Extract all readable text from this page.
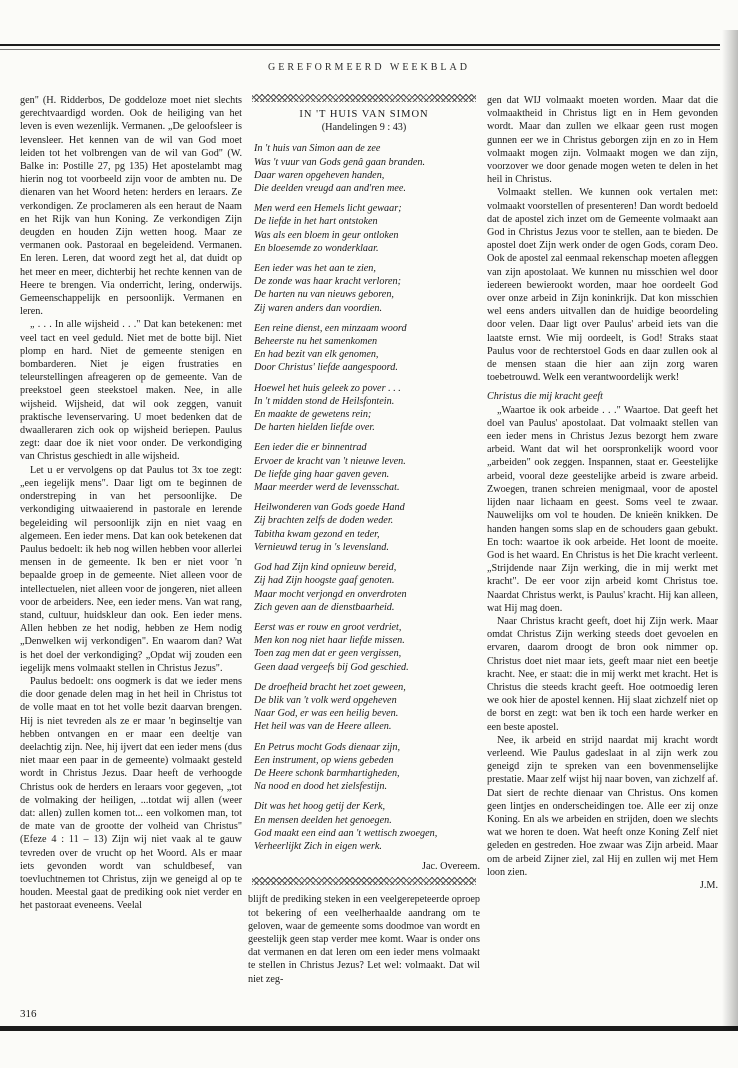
GEREFORMEERD WEEKBLAD

gen" (H. Ridderbos, De goddeloze moet niet slechts gerechtvaardigd worden. Ook de heiliging van het leven is even wezenlijk. Vermanen. „De geloofsleer is levensleer. Het kennen van de wil van God moet leiden tot het volbrengen van de wil van God" (W. Balke in: Postille 27, pg 135) Het apostelambt mag hierin nog tot voorbeeld zijn voor de ambten nu. De dienaren van het Woord heten: herders en leraars. Ze verkondigen. Ze proclameren als een heraut de Naam en het Rijk van hun Koning. Ze verkondigen Zijn deugden en houden Zijn wetten hoog. Maar ze vermanen ook. Pastoraal en begeleidend. Vermanen. En leren. Leren, dat woord zegt het al, dat duidt op het meer en meer, dichterbij het rechte kennen van de Heere te brengen. Via onderricht, lering, onderwijs. Gemeenschappelijk en persoonlijk. Vermanen en leren.

„ . . . In alle wijsheid . . ." Dat kan betekenen: met veel tact en veel geduld. Niet met de botte bijl. Niet plomp en hard. Niet de gemeente stenigen en bombarderen. Niet je eigen frustraties en teleurstellingen afreageren op de gemeente. Van de preekstoel geen steekstoel maken. Nee, in alle wijsheid. Wijsheid, dat wil ook zeggen, vanuit praktische levenservaring. U moet bedenken dat de dwaalleraren zich ook op wijsheid beriepen. Paulus zegt: daar doe ik niet voor onder. De verkondiging van Christus geschiedt in alle wijsheid.

Let u er vervolgens op dat Paulus tot 3x toe zegt: „een iegelijk mens". Daar ligt om te beginnen de onderstreping in van het persoonlijke. De verkondiging uitwaaierend in pastorale en lerende begeleiding wil persoonlijk zijn en niet vaag en algemeen. Een ieder mens. Dat kan ook betekenen dat Paulus bedoelt: ik heb nog willen hebben voor allerlei mensen in de gemeente. Ik ben er niet voor 'n bepaalde groep in de gemeente. Niet alleen voor de intellectuelen, niet alleen voor de jongeren, niet alleen voor de arbeiders. Nee, een ieder mens. Van wat rang, stand, cultuur, huidskleur dan ook. Een ieder mens. Allen hebben ze het nodig, hebben ze Hem nodig „Denwelken wij verkondigen". En waarom dan? Wat is het doel der verkondiging? „Opdat wij zouden een iegelijk mens volmaakt stellen in Christus Jezus".

Paulus bedoelt: ons oogmerk is dat we ieder mens die door genade delen mag in het heil in Christus tot de volle maat en tot het volle bezit daarvan brengen. Hij is niet tevreden als ze er maar 'n beginseltje van hebben ontvangen en er maar een deeltje van deelachtig zijn. Nee, hij ijvert dat een ieder mens (dus niet maar een paar in de gemeente) volmaakt gesteld wordt in Christus Jezus. Daar heeft de verhoogde Christus ook de herders en leraars voor gegeven, „tot de volmaking der heiligen, ...totdat wij allen (weer dat: allen) zullen komen tot... een volkomen man, tot de mate van de grootte der volheid van Christus" (Efeze 4 : 11 – 13) Zijn wij niet vaak al te gauw tevreden over de vrucht op het Woord. Als er maar iets gevonden wordt van schuldbesef, van toevluchtnemen tot Christus, zijn we geneigd al op te houden. Meestal gaat de prediking ook niet verder en het pastoraat eveneens. Veelal

IN 'T HUIS VAN SIMON
(Handelingen 9 : 43)
In 't huis van Simon aan de zee
Was 't vuur van Gods genâ gaan branden.
Daar waren opgeheven handen,
Die deelden vreugd aan and'ren mee.
Men werd een Hemels licht gewaar;
De liefde in het hart ontstoken
Was als een bloem in geur ontloken
En bloesemde zo wonderklaar.
Een ieder was het aan te zien,
De zonde was haar kracht verloren;
De harten nu van nieuws geboren,
Zij waren anders dan voordien.
Een reine dienst, een minzaam woord
Beheerste nu het samenkomen
En had bezit van elk genomen,
Door Christus' liefde aangespoord.
Hoewel het huis geleek zo pover . . .
In 't midden stond de Heilsfontein.
En maakte de gewetens rein;
De harten hielden liefde over.
Een ieder die er binnentrad
Ervoer de kracht van 't nieuwe leven.
De liefde ging haar gaven geven.
Maar meerder werd de levensschat.
Heilwonderen van Gods goede Hand
Zij brachten zelfs de doden weder.
Tabitha kwam gezond en teder,
Vernieuwd terug in 's levensland.
God had Zijn kind opnieuw bereid,
Zij had Zijn hoogste gaaf genoten.
Maar mocht verjongd en onverdroten
Zich geven aan de dienstbaarheid.
Eerst was er rouw en groot verdriet,
Men kon nog niet haar liefde missen.
Toen zag men dat er geen vergissen,
Geen daad vergeefs bij God geschied.
De droefheid bracht het zoet geween,
De blik van 't volk werd opgeheven
Naar God, er was een heilig beven.
Het heil was van de Heere alleen.
En Petrus mocht Gods dienaar zijn,
Een instrument, op wiens gebeden
De Heere schonk barmhartigheden,
Na nood en dood het zielsfestijn.
Dit was het hoog getij der Kerk,
En mensen deelden het genoegen.
God maakt een eind aan 't wettisch zwoegen,
Verheerlijkt Zich in eigen werk.
Jac. Overeem.

blijft de prediking steken in een veelgerepeteerde oproep tot bekering of een veelherhaalde aandrang om te geloven, waar de gemeente soms doodmoe van wordt en geestelijk geen stap verder mee komt. Waar is onder ons dat vermanen en dat leren om een ieder mens volmaakt te stellen in Christus Jezus? Let wel: volmaakt. Dat wil niet zeg-

gen dat WIJ volmaakt moeten worden. Maar dat die volmaaktheid in Christus ligt en in Hem gevonden wordt. Maar dan zullen we elkaar geen rust mogen gunnen eer we in Christus geborgen zijn en zo in Hem volmaakt mogen zijn. Volmaakt mogen we dan zijn, voorzover we door genade mogen weten te delen in het heil in Christus.

Volmaakt stellen. We kunnen ook vertalen met: volmaakt voorstellen of presenteren! Dan wordt bedoeld dat de apostel zich inzet om de Gemeente volmaakt aan God in Christus Jezus voor te stellen, aan te bieden. De apostel doet Zijn werk onder de ogen Gods, coram Deo. Ook de apostel zal eenmaal rekenschap moeten afleggen van zijn apostolaat. We kunnen nu misschien wel door iedereen bewierookt worden, maar hoe oordeelt God over onze arbeid in Zijn koninkrijk. Dat kon misschien wel eens anders uitvallen dan de huidige beoordeling door velen. Daar ligt over Paulus' arbeid iets van die laatste ernst. Wie mij oordeelt, is God! Straks staat Paulus voor de rechterstoel Gods en daar zullen ook al de mensen staan die hier aan zijn zorg waren toebetrouwd. Welk een verantwoordelijk werk!

Christus die mij kracht geeft

„Waartoe ik ook arbeide . . ." Waartoe. Dat geeft het doel van Paulus' apostolaat. Dat volmaakt stellen van een ieder mens in Christus Jezus bezorgt hem zware arbeid. Want dat wil het oorspronkelijk woord voor „arbeiden" ook zeggen. Inspannen, staat er. Geestelijke arbeid, vooral deze geestelijke arbeid is zware arbeid. Zwoegen, tranen schreien menigmaal, voor de apostel lijden naar lichaam en geest. Soms veel te zwaar. Nauwelijks om vol te houden. De knieën knikken. De handen hangen soms slap en de schouders gaan gebukt. En toch: waartoe ik ook arbeide. Het loont de moeite. God is het waard. En Christus is het Die kracht verleent. „Strijdende naar Zijn werking, die in mij werkt met kracht". De eer voor zijn arbeid komt Christus toe. Naardat Christus werkt, is Paulus' kracht. Hij kan alleen, wat Hij mag doen.

Naar Christus kracht geeft, doet hij Zijn werk. Maar omdat Christus Zijn werking steeds doet gevoelen en ervaren, daarom droogt de bron ook nimmer op. Christus doet niet maar iets, geeft maar niet een beetje kracht. Nee, er staat: die in mij werkt met kracht. Het is Christus die steeds kracht geeft. Hoe ootmoedig leren we ook hier de apostel kennen. Hij slaat zichzelf niet op de borst en zegt: wat ben ik toch een harde werker en een beste apostel.

Nee, ik arbeid en strijd naardat mij kracht wordt verleend. Wie Paulus gadeslaat in al zijn werk zou geneigd zijn te spreken van een bovenmenselijke prestatie. Maar zelf wijst hij naar boven, van zichzelf af. Dat siert de rechte dienaar van Christus. Ons komen geen lintjes en onderscheidingen toe. Alle eer zij onze Koning. En als we arbeiden en strijden, doen we slechts wat we horen te doen. Wat heeft onze Koning Zelf niet geleden en gestreden. Hoe zwaar was Zijn arbeid. Maar om de arbeid Zijner ziel, zal Hij en zullen wij met Hem loon zien.

J.M.
316
